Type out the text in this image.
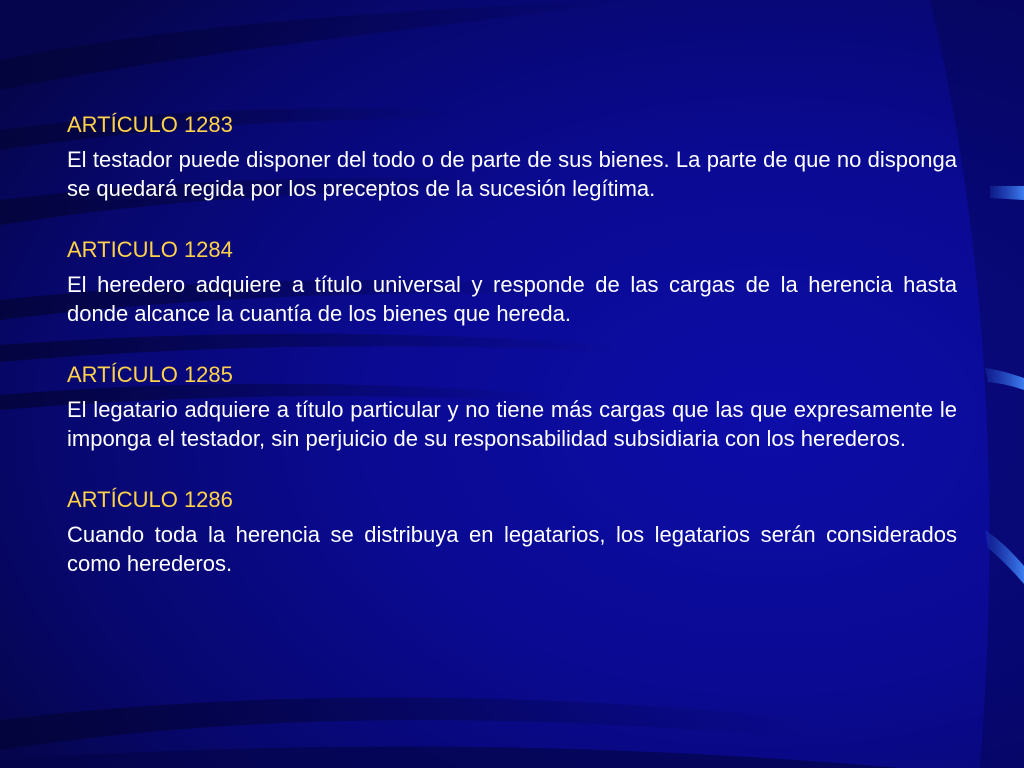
ARTÍCULO 1283

El testador puede disponer del todo o de parte de sus bienes. La parte de que no disponga se quedará regida por los preceptos de la sucesión legítima.

ARTICULO 1284

El heredero adquiere a título universal y responde de las cargas de la herencia hasta donde alcance la cuantía de los bienes que hereda.

ARTÍCULO 1285

El legatario adquiere a título particular y no tiene más cargas que las que expresamente le imponga el testador, sin perjuicio de su responsabilidad subsidiaria con los herederos.

ARTÍCULO 1286

Cuando toda la herencia se distribuya en legatarios, los legatarios serán considerados como herederos.
